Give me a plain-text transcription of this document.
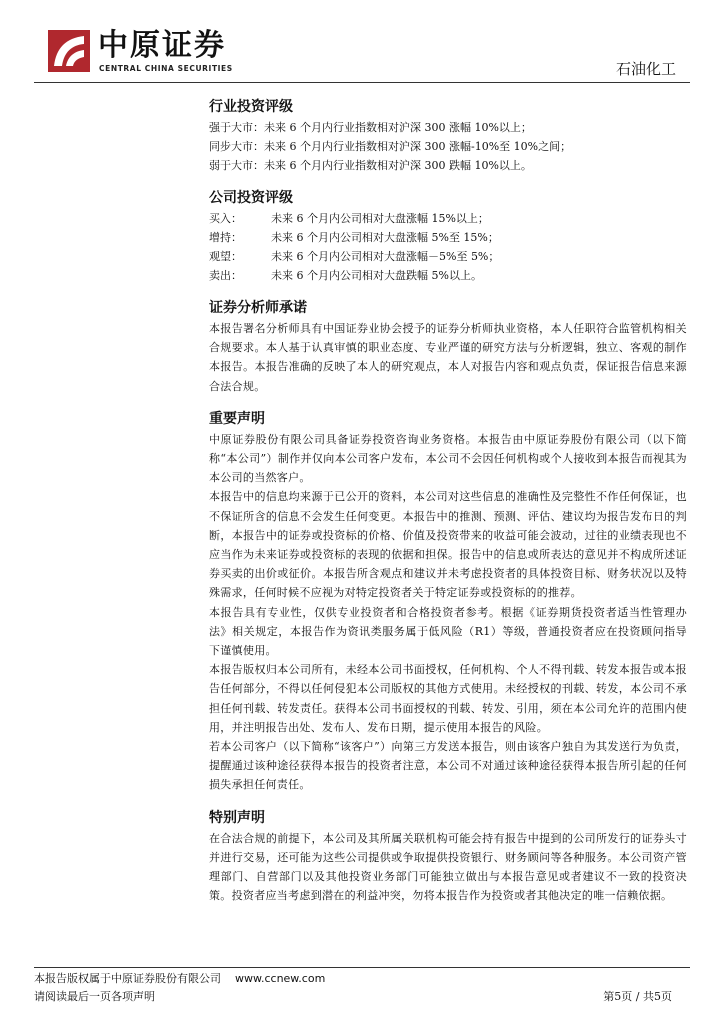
中原证券
CENTRAL CHINA SECURITIES	石油化工
行业投资评级
强于大市：未来 6 个月内行业指数相对沪深 300 涨幅 10%以上；
同步大市：未来 6 个月内行业指数相对沪深 300 涨幅-10%至 10%之间；
弱于大市：未来 6 个月内行业指数相对沪深 300 跌幅 10%以上。
公司投资评级
买入：	未来 6 个月内公司相对大盘涨幅 15%以上；
增持：	未来 6 个月内公司相对大盘涨幅 5%至 15%；
观望：	未来 6 个月内公司相对大盘涨幅－5%至 5%；
卖出：	未来 6 个月内公司相对大盘跌幅 5%以上。
证券分析师承诺
本报告署名分析师具有中国证券业协会授予的证券分析师执业资格，本人任职符合监管机构相关合规要求。本人基于认真审慎的职业态度、专业严谨的研究方法与分析逻辑，独立、客观的制作本报告。本报告准确的反映了本人的研究观点，本人对报告内容和观点负责，保证报告信息来源合法合规。
重要声明
中原证券股份有限公司具备证券投资咨询业务资格。本报告由中原证券股份有限公司（以下简称“本公司”）制作并仅向本公司客户发布，本公司不会因任何机构或个人接收到本报告而视其为本公司的当然客户。
本报告中的信息均来源于已公开的资料，本公司对这些信息的准确性及完整性不作任何保证，也不保证所含的信息不会发生任何变更。本报告中的推测、预测、评估、建议均为报告发布日的判断，本报告中的证券或投资标的价格、价值及投资带来的收益可能会波动，过往的业绩表现也不应当作为未来证券或投资标的表现的依据和担保。报告中的信息或所表达的意见并不构成所述证券买卖的出价或征价。本报告所含观点和建议并未考虑投资者的具体投资目标、财务状况以及特殊需求，任何时候不应视为对特定投资者关于特定证券或投资标的的推荐。
本报告具有专业性，仅供专业投资者和合格投资者参考。根据《证券期货投资者适当性管理办法》相关规定，本报告作为资讯类服务属于低风险（R1）等级，普通投资者应在投资顾问指导下谨慎使用。
本报告版权归本公司所有，未经本公司书面授权，任何机构、个人不得刊载、转发本报告或本报告任何部分，不得以任何侵犯本公司版权的其他方式使用。未经授权的刊载、转发，本公司不承担任何刊载、转发责任。获得本公司书面授权的刊载、转发、引用，须在本公司允许的范围内使用，并注明报告出处、发布人、发布日期，提示使用本报告的风险。
若本公司客户（以下简称“该客户”）向第三方发送本报告，则由该客户独自为其发送行为负责，提醒通过该种途径获得本报告的投资者注意，本公司不对通过该种途径获得本报告所引起的任何损失承担任何责任。
特别声明
在合法合规的前提下，本公司及其所属关联机构可能会持有报告中提到的公司所发行的证券头寸并进行交易，还可能为这些公司提供或争取提供投资银行、财务顾问等各种服务。本公司资产管理部门、自营部门以及其他投资业务部门可能独立做出与本报告意见或者建议不一致的投资决策。投资者应当考虑到潜在的利益冲突，勿将本报告作为投资或者其他决定的唯一信赖依据。
本报告版权属于中原证券股份有限公司 www.ccnew.com
请阅读最后一页各项声明	第5页 / 共5页
